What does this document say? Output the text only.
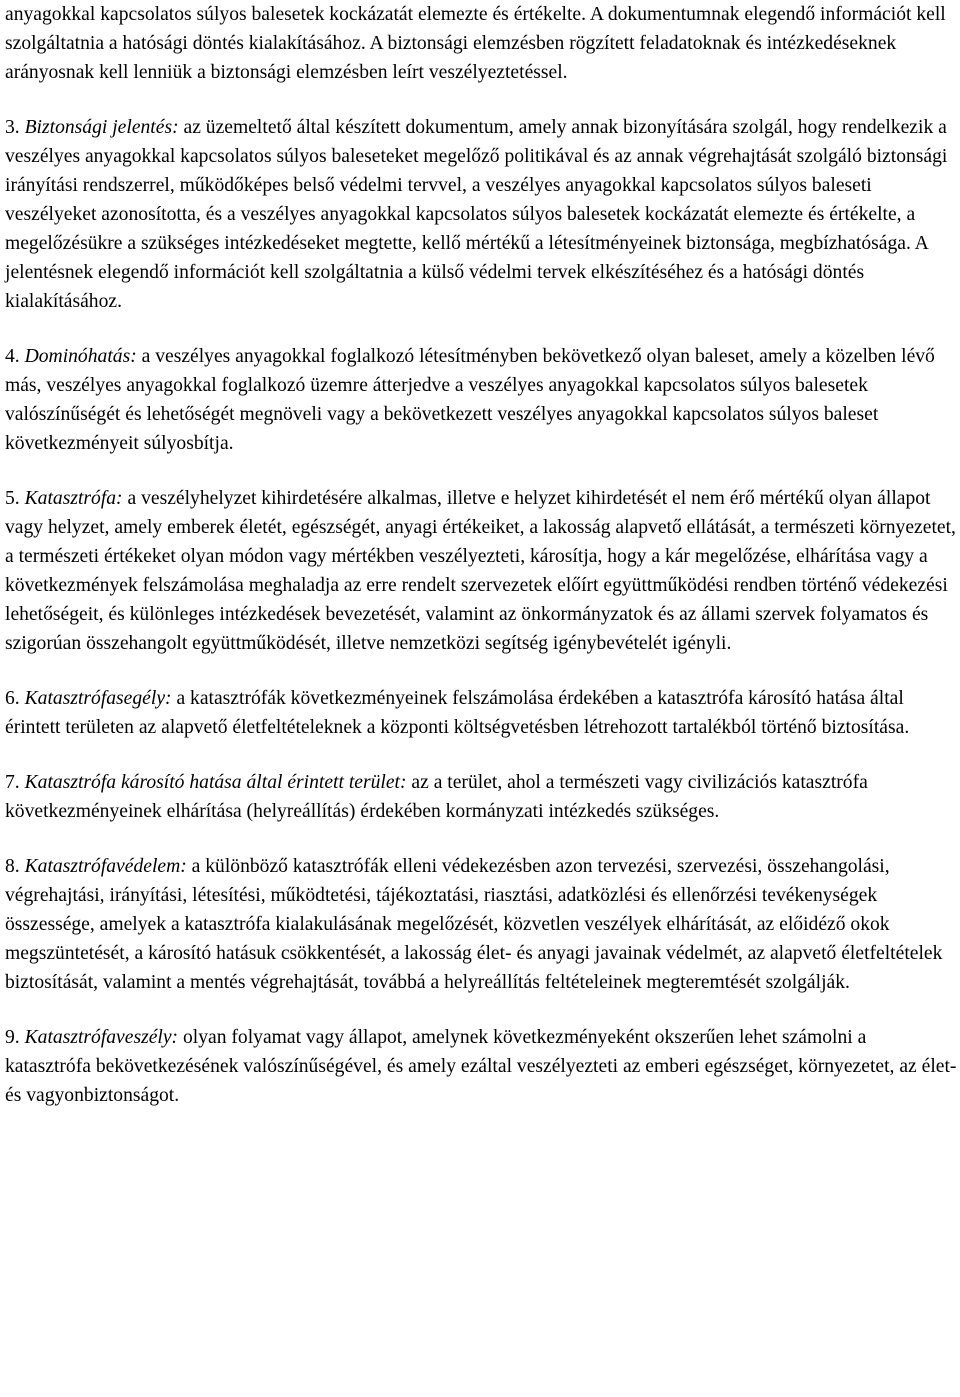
anyagokkal kapcsolatos súlyos balesetek kockázatát elemezte és értékelte. A dokumentumnak elegendő információt kell szolgáltatnia a hatósági döntés kialakításához. A biztonsági elemzésben rögzített feladatoknak és intézkedéseknek arányosnak kell lenniük a biztonsági elemzésben leírt veszélyeztetéssel.

3. Biztonsági jelentés: az üzemeltető által készített dokumentum, amely annak bizonyítására szolgál, hogy rendelkezik a veszélyes anyagokkal kapcsolatos súlyos baleseteket megelőző politikával és az annak végrehajtását szolgáló biztonsági irányítási rendszerrel, működőképes belső védelmi tervvel, a veszélyes anyagokkal kapcsolatos súlyos baleseti veszélyeket azonosította, és a veszélyes anyagokkal kapcsolatos súlyos balesetek kockázatát elemezte és értékelte, a megelőzésükre a szükséges intézkedéseket megtette, kellő mértékű a létesítményeinek biztonsága, megbízhatósága. A jelentésnek elegendő információt kell szolgáltatnia a külső védelmi tervek elkészítéséhez és a hatósági döntés kialakításához.

4. Dominóhatás: a veszélyes anyagokkal foglalkozó létesítményben bekövetkező olyan baleset, amely a közelben lévő más, veszélyes anyagokkal foglalkozó üzemre átterjedve a veszélyes anyagokkal kapcsolatos súlyos balesetek valószínűségét és lehetőségét megnöveli vagy a bekövetkezett veszélyes anyagokkal kapcsolatos súlyos baleset következményeit súlyosbítja.

5. Katasztrófa: a veszélyhelyzet kihirdetésére alkalmas, illetve e helyzet kihirdetését el nem érő mértékű olyan állapot vagy helyzet, amely emberek életét, egészségét, anyagi értékeiket, a lakosság alapvető ellátását, a természeti környezetet, a természeti értékeket olyan módon vagy mértékben veszélyezteti, károsítja, hogy a kár megelőzése, elhárítása vagy a következmények felszámolása meghaladja az erre rendelt szervezetek előírt együttműködési rendben történő védekezési lehetőségeit, és különleges intézkedések bevezetését, valamint az önkormányzatok és az állami szervek folyamatos és szigorúan összehangolt együttműködését, illetve nemzetközi segítség igénybevételét igényli.

6. Katasztrófasegély: a katasztrófák következményeinek felszámolása érdekében a katasztrófa károsító hatása által érintett területen az alapvető életfeltételeknek a központi költségvetésben létrehozott tartalékból történő biztosítása.

7. Katasztrófa károsító hatása által érintett terület: az a terület, ahol a természeti vagy civilizációs katasztrófa következményeinek elhárítása (helyreállítás) érdekében kormányzati intézkedés szükséges.

8. Katasztrófavédelem: a különböző katasztrófák elleni védekezésben azon tervezési, szervezési, összehangolási, végrehajtási, irányítási, létesítési, működtetési, tájékoztatási, riasztási, adatközlési és ellenőrzési tevékenységek összessége, amelyek a katasztrófa kialakulásának megelőzését, közvetlen veszélyek elhárítását, az előidéző okok megszüntetését, a károsító hatásuk csökkentését, a lakosság élet- és anyagi javainak védelmét, az alapvető életfeltételek biztosítását, valamint a mentés végrehajtását, továbbá a helyreállítás feltételeinek megteremtését szolgálják.

9. Katasztrófaveszély: olyan folyamat vagy állapot, amelynek következményeként okszerűen lehet számolni a katasztrófa bekövetkezésének valószínűségével, és amely ezáltal veszélyezteti az emberi egészséget, környezetet, az élet- és vagyonbiztonságot.
